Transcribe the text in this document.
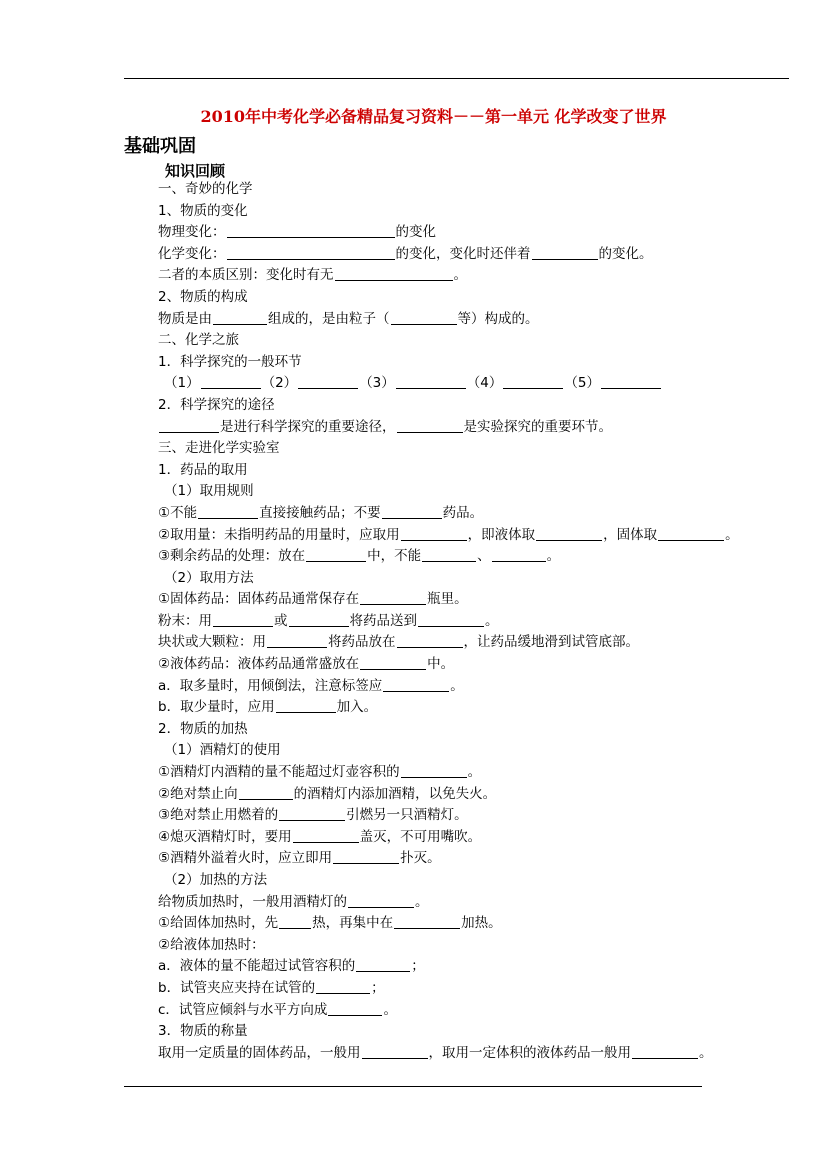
2010年中考化学必备精品复习资料－－第一单元 化学改变了世界
基础巩固
知识回顾
一、奇妙的化学
1、物质的变化
物理变化：	的变化
化学变化：	的变化，变化时还伴着	的变化。
二者的本质区别：变化时有无	。
2、物质的构成
物质是由	组成的，是由粒子（	等）构成的。
二、化学之旅
1．科学探究的一般环节
（1）	（2）	（3）	（4）	（5）
2．科学探究的途径
是进行科学探究的重要途径，	是实验探究的重要环节。
三、走进化学实验室
1．药品的取用
（1）取用规则
①不能	直接接触药品；不要	药品。
②取用量：未指明药品的用量时，应取用	，即液体取	，固体取	。
③剩余药品的处理：放在	中，不能	、	。
（2）取用方法
①固体药品：固体药品通常保存在	瓶里。
粉末：用	或	将药品送到	。
块状或大颗粒：用	将药品放在	，让药品缓地滑到试管底部。
②液体药品：液体药品通常盛放在	中。
a．取多量时，用倾倒法，注意标签应	。
b．取少量时，应用	加入。
2．物质的加热
（1）酒精灯的使用
①酒精灯内酒精的量不能超过灯壶容积的	。
②绝对禁止向	的酒精灯内添加酒精，以免失火。
③绝对禁止用燃着的	引燃另一只酒精灯。
④熄灭酒精灯时，要用	盖灭，不可用嘴吹。
⑤酒精外溢着火时，应立即用	扑灭。
（2）加热的方法
给物质加热时，一般用酒精灯的	。
①给固体加热时，先	热，再集中在	加热。
②给液体加热时：
a．液体的量不能超过试管容积的	；
b．试管夹应夹持在试管的	；
c．试管应倾斜与水平方向成	。
3．物质的称量
取用一定质量的固体药品，一般用	，取用一定体积的液体药品一般用	。
